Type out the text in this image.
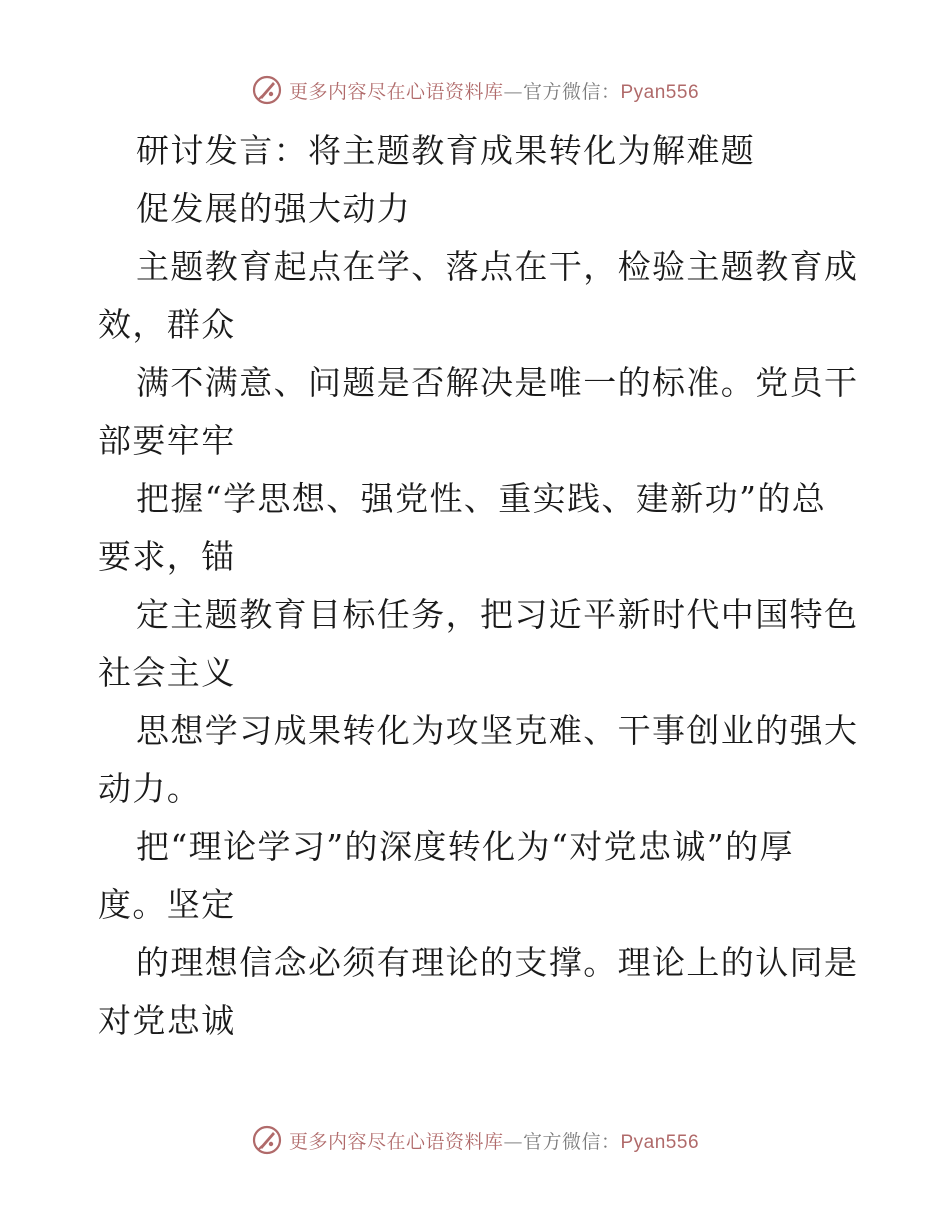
更多内容尽在心语资料库—官方微信：Pyan556
研讨发言：将主题教育成果转化为解难题
促发展的强大动力
主题教育起点在学、落点在干，检验主题教育成
效，群众
满不满意、问题是否解决是唯一的标准。党员干
部要牢牢
把握“学思想、强党性、重实践、建新功”的总
要求，锚
定主题教育目标任务，把习近平新时代中国特色
社会主义
思想学习成果转化为攻坚克难、干事创业的强大
动力。
把“理论学习”的深度转化为“对党忠诚”的厚
度。坚定
的理想信念必须有理论的支撑。理论上的认同是
对党忠诚
更多内容尽在心语资料库—官方微信：Pyan556
